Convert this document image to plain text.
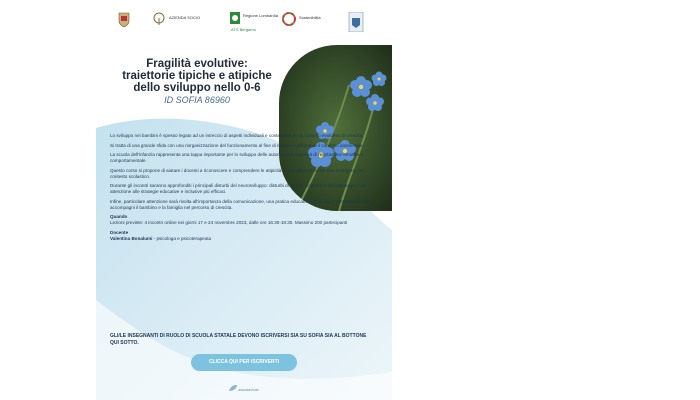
AZIENDA SOCIO	Regione Lombardia
ATS Bergamo
Sostenibilità
Fragilità evolutive:
traiettorie tipiche e atipiche
dello sviluppo nello 0-6
ID SOFIA 86960

Lo sviluppo nei bambini è spesso legato ad un intreccio di aspetti individuali e contestuali, in un compito evolutivo di crescita.

Si tratta di una grande sfida con una riorganizzazione del funzionamento al fine di rilevare e affrontare il contesto ambientale.

La scuola dell'infanzia rappresenta una tappa importante per lo sviluppo delle autonomie e capacità di regolazione emotiva e comportamentale.

Questo corso si propone di aiutare i docenti a riconoscere e comprendere le atipicità e le fragilità evolutive che emergono nel contesto scolastico.

Durante gli incontri saranno approfonditi i principali disturbi del neurosviluppo: disturbi di attività, cognitivi e del linguaggio, con attenzione alle strategie educative e inclusive più efficaci.

Infine, particolare attenzione sarà rivolta all'importanza della comunicazione, una pratica educativa condivisa e consapevole che accompagni il bambino e la famiglia nel percorso di crescita.

Quando
Lezioni previste: 4 incontri online nei giorni 17 e 24 novembre 2023, dalle ore 16:30-18:30. Massimo 200 partecipanti

Docente
Valentina Bonalumi - psicologa e psicoterapeuta

GLI/LE INSEGNANTI DI RUOLO DI SCUOLA STATALE DEVONO ISCRIVERSI SIA SU SOFIA SIA AL BOTTONE QUI SOTTO.
CLICCA QUI PER ISCRIVERTI
associazione
